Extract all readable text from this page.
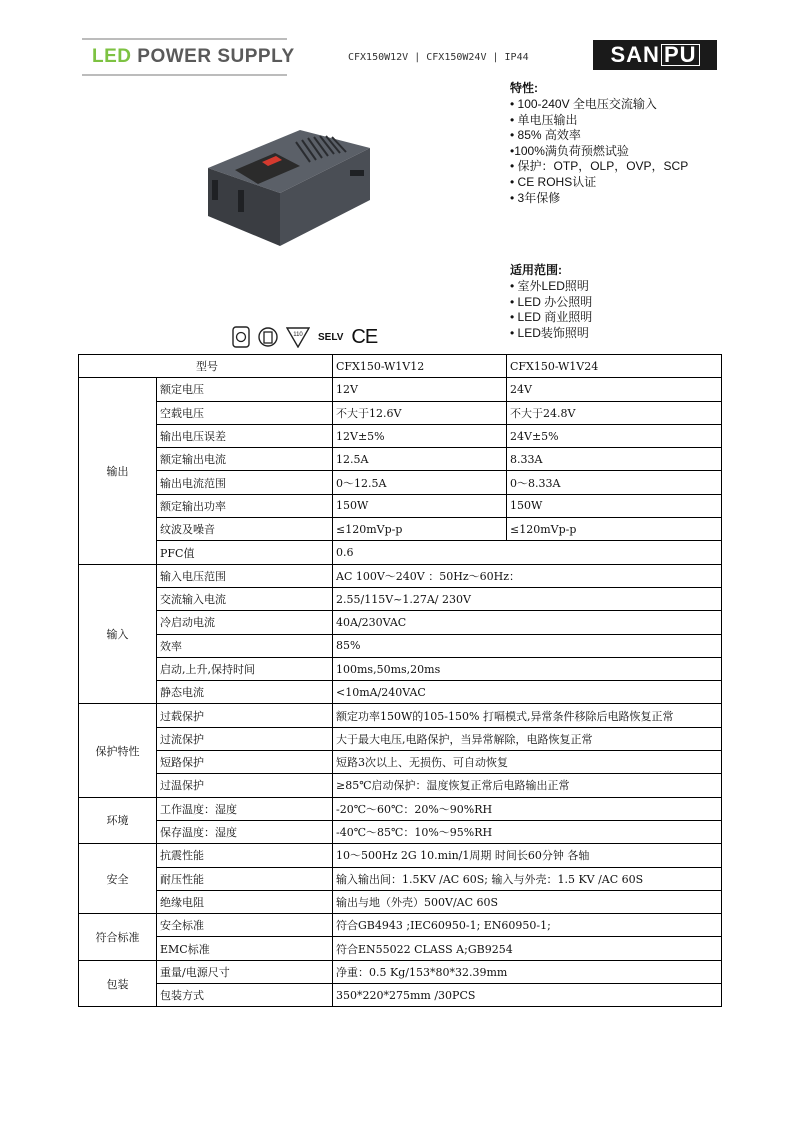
LED POWER SUPPLY	CFX150W12V | CFX150W24V | IP44	SAN PU
特性:
• 100-240V 全电压交流输入
• 单电压输出
• 85% 高效率
•100%满负荷预燃试验
• 保护：OTP，OLP，OVP，SCP
• CE ROHS认证
• 3年保修
适用范围:
• 室外LED照明
• LED 办公照明
• LED 商业照明
• LED装饰照明
110 SELV CE
型号		CFX150-W1V12	CFX150-W1V24
输出	额定电压	12V	24V
	空载电压	不大于12.6V	不大于24.8V
	输出电压误差	12V±5%	24V±5%
	额定输出电流	12.5A	8.33A
	输出电流范围	0～12.5A	0～8.33A
	额定输出功率	150W	150W
	纹波及噪音	≤120mVp-p	≤120mVp-p
	PFC值	0.6	
输入	输入电压范围	AC 100V～240V ：50Hz～60Hz：	
	交流输入电流	2.55/115V~1.27A/ 230V	
	冷启动电流	40A/230VAC	
	效率	85%	
	启动,上升,保持时间	100ms,50ms,20ms	
	静态电流	<10mA/240VAC	
保护特性	过载保护	额定功率150W的105-150% 打嗝模式,异常条件移除后电路恢复正常	
	过流保护	大于最大电压,电路保护，当异常解除，电路恢复正常	
	短路保护	短路3次以上、无损伤、可自动恢复	
	过温保护	≥85℃启动保护：温度恢复正常后电路输出正常	
环境	工作温度：湿度	-20℃～60℃：20%～90%RH	
	保存温度：湿度	-40℃～85℃：10%～95%RH	
安全	抗震性能	10～500Hz 2G 10.min/1周期 时间长60分钟 各轴	
	耐压性能	输入输出间：1.5KV /AC 60S; 输入与外壳：1.5 KV /AC 60S	
	绝缘电阻	输出与地（外壳）500V/AC 60S	
符合标准	安全标准	符合GB4943 ;IEC60950-1; EN60950-1;	
	EMC标准	符合EN55022 CLASS A;GB9254	
包装	重量/电源尺寸	净重：0.5 Kg/153*80*32.39mm	
	包装方式	350*220*275mm /30PCS	
